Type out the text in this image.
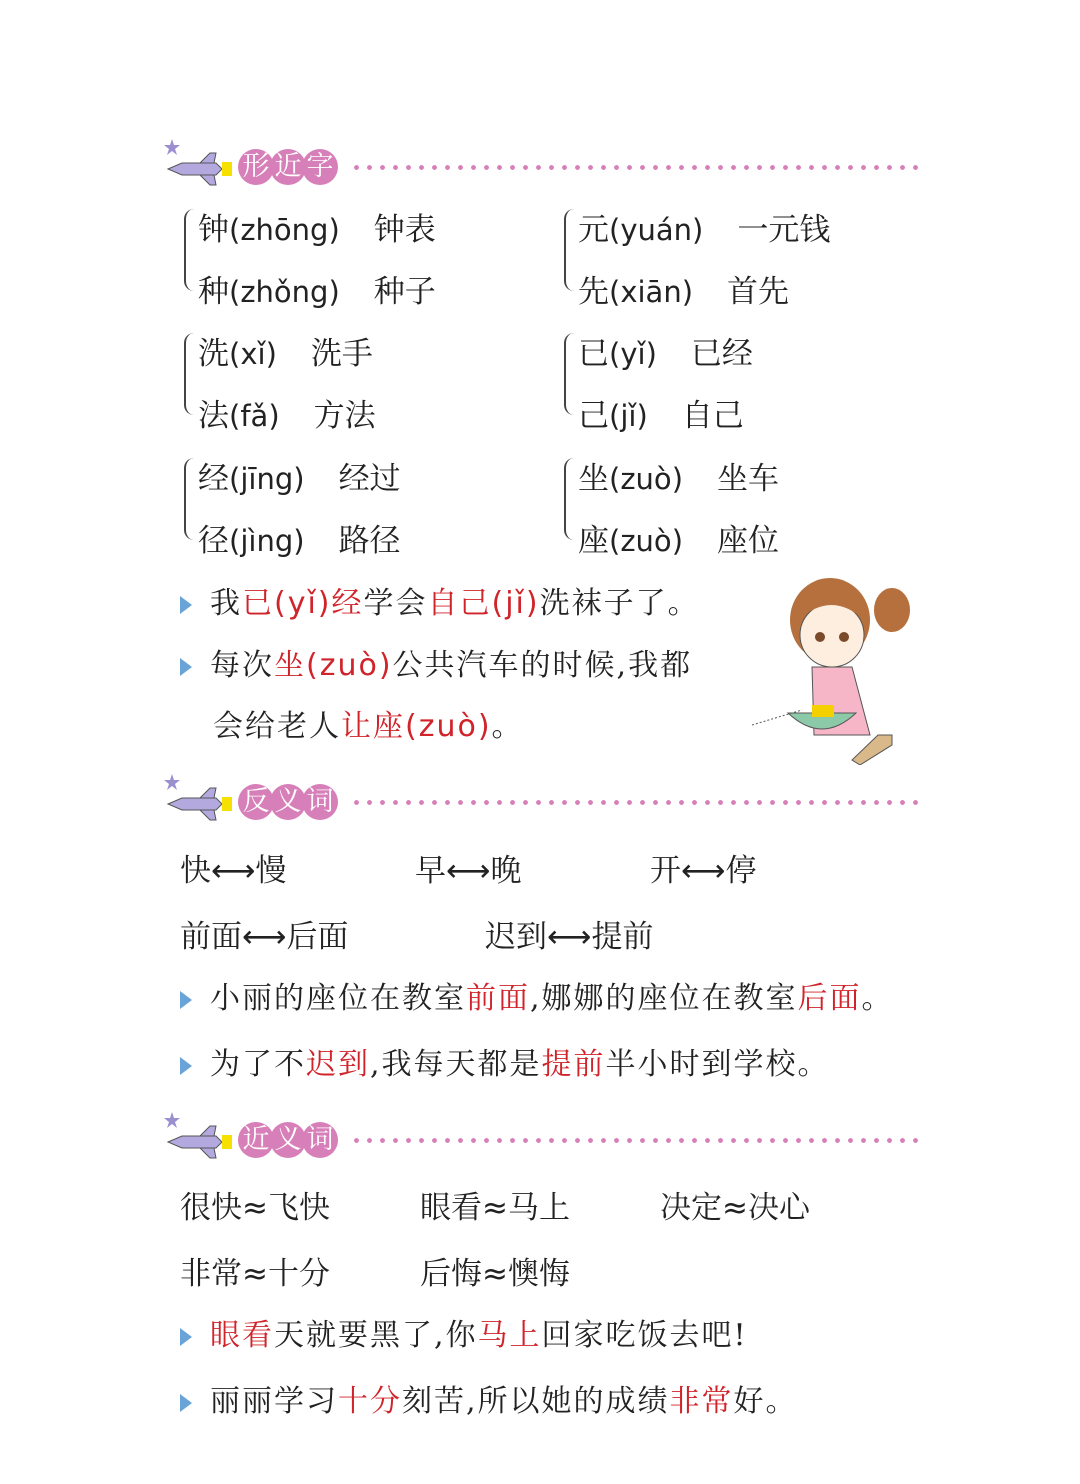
形 近 字
反 义 词
近 义 词
钟(zhōng) 钟表
种(zhǒng) 种子
元(yuán) 一元钱
先(xiān) 首先
洗(xǐ) 洗手
法(fǎ) 方法
已(yǐ) 已经
己(jǐ) 自己
经(jīng) 经过
径(jìng) 路径
坐(zuò) 坐车
座(zuò) 座位
我已(yǐ)经学会自己(jǐ)洗袜子了。
每次坐(zuò)公共汽车的时候,我都
会给老人让座(zuò)。
快⟷慢	早⟷晚	开⟷停
前面⟷后面	迟到⟷提前
小丽的座位在教室前面,娜娜的座位在教室后面。
为了不迟到,我每天都是提前半小时到学校。
很快≈飞快	眼看≈马上	决定≈决心
非常≈十分	后悔≈懊悔
眼看天就要黑了,你马上回家吃饭去吧!
丽丽学习十分刻苦,所以她的成绩非常好。
